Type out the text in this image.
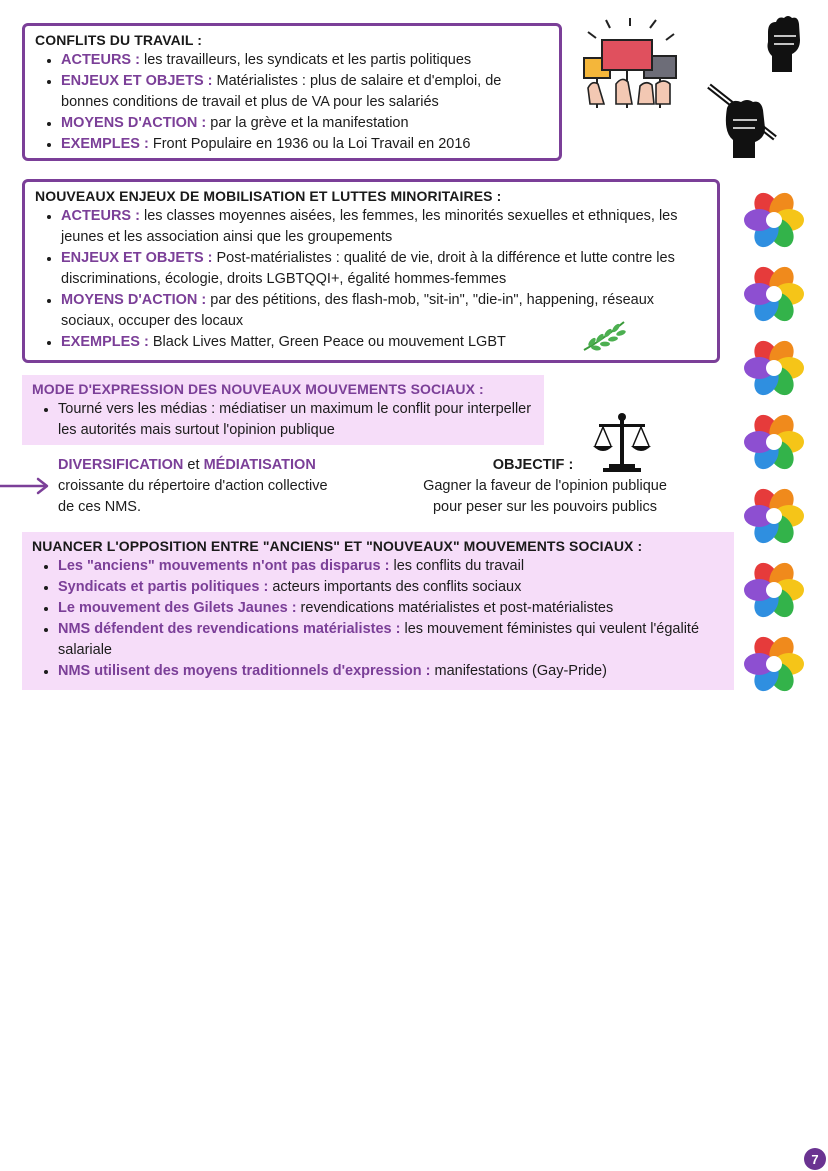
CONFLITS DU TRAVAIL :
• ACTEURS : les travailleurs, les syndicats et les partis politiques
• ENJEUX ET OBJETS : Matérialistes : plus de salaire et d'emploi, de bonnes conditions de travail et plus de VA pour les salariés
• MOYENS D'ACTION : par la grève et la manifestation
• EXEMPLES : Front Populaire en 1936 ou la Loi Travail en 2016
NOUVEAUX ENJEUX DE MOBILISATION ET LUTTES MINORITAIRES :
• ACTEURS : les classes moyennes aisées, les femmes, les minorités sexuelles et ethniques, les jeunes et les association ainsi que les groupements
• ENJEUX ET OBJETS : Post-matérialistes : qualité de vie, droit à la différence et lutte contre les discriminations, écologie, droits LGBTQQI+, égalité hommes-femmes
• MOYENS D'ACTION : par des pétitions, des flash-mob, "sit-in", "die-in", happening, réseaux sociaux, occuper des locaux
• EXEMPLES : Black Lives Matter, Green Peace ou mouvement LGBT
MODE D'EXPRESSION DES NOUVEAUX MOUVEMENTS SOCIAUX :
• Tourné vers les médias : médiatiser un maximum le conflit pour interpeller les autorités mais surtout l'opinion publique
DIVERSIFICATION et MÉDIATISATION
croissante du répertoire d'action collective de ces NMS.
OBJECTIF :
Gagner la faveur de l'opinion publique
pour peser sur les pouvoirs publics
NUANCER L'OPPOSITION ENTRE "ANCIENS" ET "NOUVEAUX" MOUVEMENTS SOCIAUX :
• Les "anciens" mouvements n'ont pas disparus : les conflits du travail
• Syndicats et partis politiques : acteurs importants des conflits sociaux
• Le mouvement des Gilets Jaunes : revendications matérialistes et post-matérialistes
• NMS défendent des revendications matérialistes : les mouvement féministes qui veulent l'égalité salariale
• NMS utilisent des moyens traditionnels d'expression : manifestations (Gay-Pride)
7
